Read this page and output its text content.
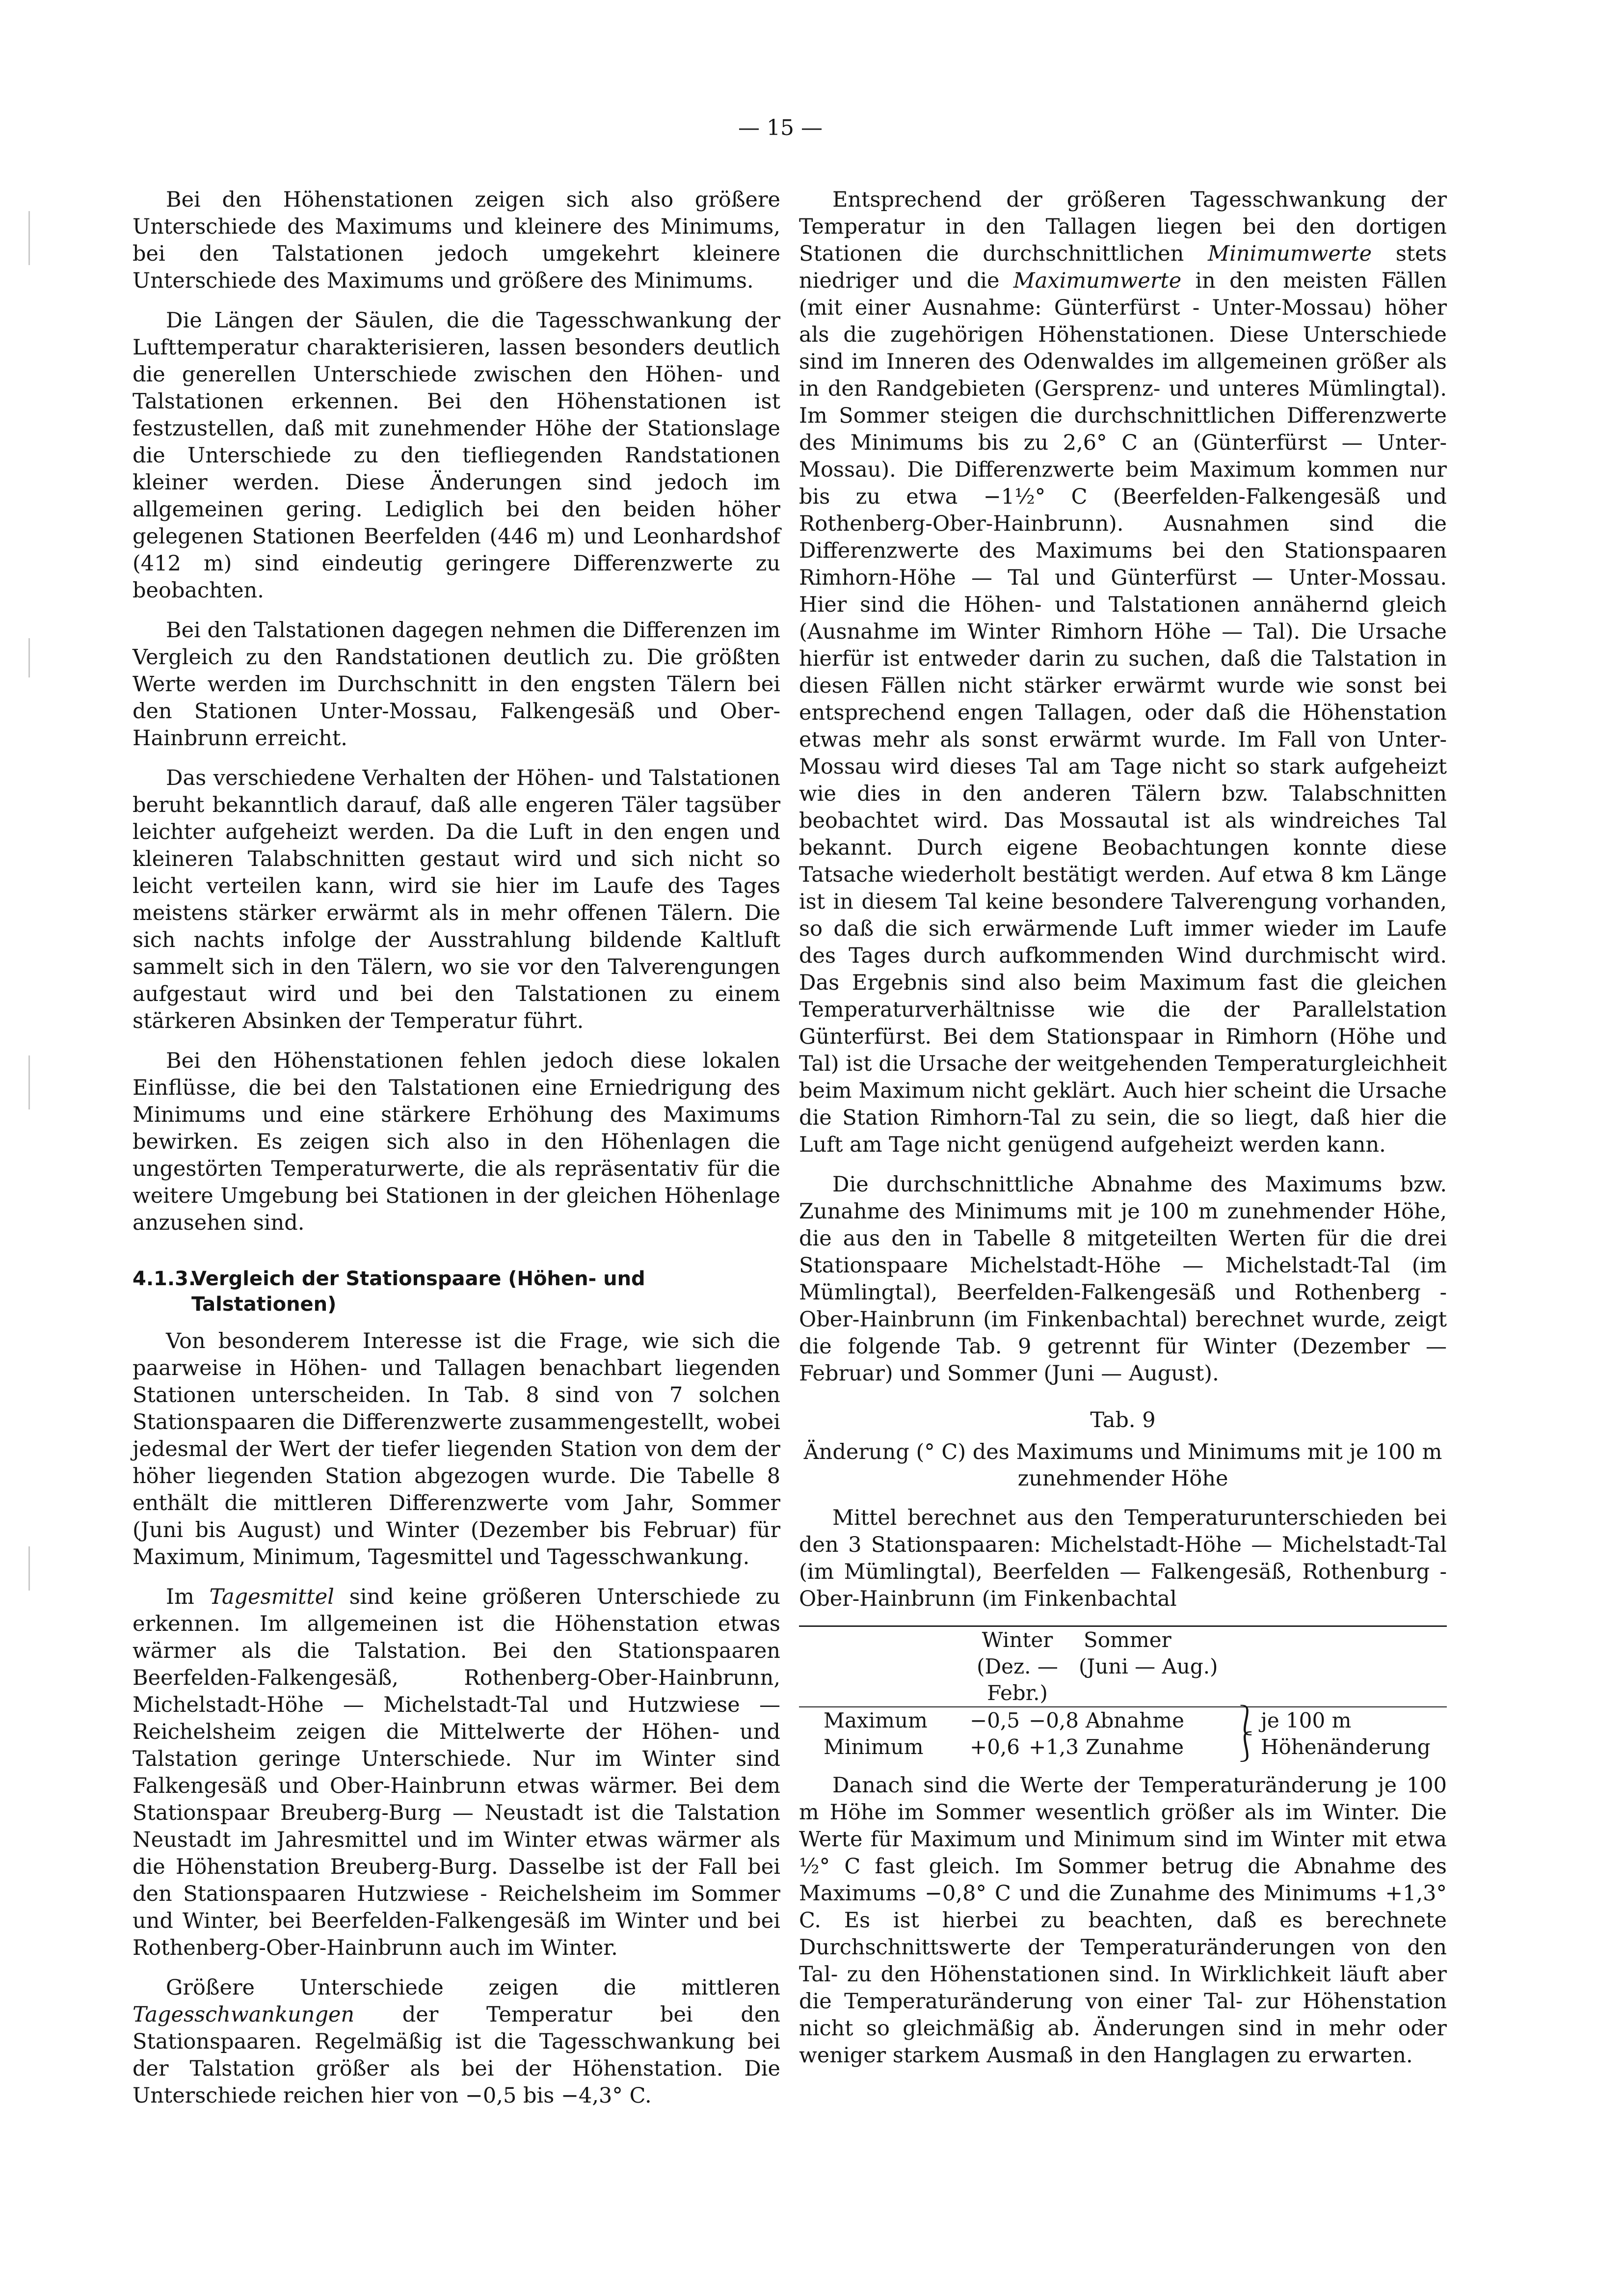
— 15 —

Bei den Höhenstationen zeigen sich also größere Unterschiede des Maximums und kleinere des Minimums, bei den Talstationen jedoch umgekehrt kleinere Unterschiede des Maximums und größere des Minimums.

Die Längen der Säulen, die die Tagesschwankung der Lufttemperatur charakterisieren, lassen besonders deutlich die generellen Unterschiede zwischen den Höhen- und Talstationen erkennen. Bei den Höhenstationen ist festzustellen, daß mit zunehmender Höhe der Stationslage die Unterschiede zu den tiefliegenden Randstationen kleiner werden. Diese Änderungen sind jedoch im allgemeinen gering. Lediglich bei den beiden höher gelegenen Stationen Beerfelden (446 m) und Leonhardshof (412 m) sind eindeutig geringere Differenzwerte zu beobachten.

Bei den Talstationen dagegen nehmen die Differenzen im Vergleich zu den Randstationen deutlich zu. Die größten Werte werden im Durchschnitt in den engsten Tälern bei den Stationen Unter-Mossau, Falkengesäß und Ober-Hainbrunn erreicht.

Das verschiedene Verhalten der Höhen- und Talstationen beruht bekanntlich darauf, daß alle engeren Täler tagsüber leichter aufgeheizt werden. Da die Luft in den engen und kleineren Talabschnitten gestaut wird und sich nicht so leicht verteilen kann, wird sie hier im Laufe des Tages meistens stärker erwärmt als in mehr offenen Tälern. Die sich nachts infolge der Ausstrahlung bildende Kaltluft sammelt sich in den Tälern, wo sie vor den Talverengungen aufgestaut wird und bei den Talstationen zu einem stärkeren Absinken der Temperatur führt.

Bei den Höhenstationen fehlen jedoch diese lokalen Einflüsse, die bei den Talstationen eine Erniedrigung des Minimums und eine stärkere Erhöhung des Maximums bewirken. Es zeigen sich also in den Höhenlagen die ungestörten Temperaturwerte, die als repräsentativ für die weitere Umgebung bei Stationen in der gleichen Höhenlage anzusehen sind.

4.1.3.Vergleich der Stationspaare (Höhen- und
Talstationen)

Von besonderem Interesse ist die Frage, wie sich die paarweise in Höhen- und Tallagen benachbart liegenden Stationen unterscheiden. In Tab. 8 sind von 7 solchen Stationspaaren die Differenzwerte zusammengestellt, wobei jedesmal der Wert der tiefer liegenden Station von dem der höher liegenden Station abgezogen wurde. Die Tabelle 8 enthält die mittleren Differenzwerte vom Jahr, Sommer (Juni bis August) und Winter (Dezember bis Februar) für Maximum, Minimum, Tagesmittel und Tagesschwankung.

Im Tagesmittel sind keine größeren Unterschiede zu erkennen. Im allgemeinen ist die Höhenstation etwas wärmer als die Talstation. Bei den Stationspaaren Beerfelden-Falkengesäß, Rothenberg-Ober-Hainbrunn, Michelstadt-Höhe — Michelstadt-Tal und Hutzwiese — Reichelsheim zeigen die Mittelwerte der Höhen- und Talstation geringe Unterschiede. Nur im Winter sind Falkengesäß und Ober-Hainbrunn etwas wärmer. Bei dem Stationspaar Breuberg-Burg — Neustadt ist die Talstation Neustadt im Jahresmittel und im Winter etwas wärmer als die Höhenstation Breuberg-Burg. Dasselbe ist der Fall bei den Stationspaaren Hutzwiese - Reichelsheim im Sommer und Winter, bei Beerfelden-Falkengesäß im Winter und bei Rothenberg-Ober-Hainbrunn auch im Winter.

Größere Unterschiede zeigen die mittleren Tagesschwankungen der Temperatur bei den Stationspaaren. Regelmäßig ist die Tagesschwankung bei der Talstation größer als bei der Höhenstation. Die Unterschiede reichen hier von −0,5 bis −4,3° C.

Entsprechend der größeren Tagesschwankung der Temperatur in den Tallagen liegen bei den dortigen Stationen die durchschnittlichen Minimumwerte stets niedriger und die Maximumwerte in den meisten Fällen (mit einer Ausnahme: Günterfürst - Unter-Mossau) höher als die zugehörigen Höhenstationen. Diese Unterschiede sind im Inneren des Odenwaldes im allgemeinen größer als in den Randgebieten (Gersprenz- und unteres Mümlingtal). Im Sommer steigen die durchschnittlichen Differenzwerte des Minimums bis zu 2,6° C an (Günterfürst — Unter-Mossau). Die Differenzwerte beim Maximum kommen nur bis zu etwa −1½° C (Beerfelden-Falkengesäß und Rothenberg-Ober-Hainbrunn). Ausnahmen sind die Differenzwerte des Maximums bei den Stationspaaren Rimhorn-Höhe — Tal und Günterfürst — Unter-Mossau. Hier sind die Höhen- und Talstationen annähernd gleich (Ausnahme im Winter Rimhorn Höhe — Tal). Die Ursache hierfür ist entweder darin zu suchen, daß die Talstation in diesen Fällen nicht stärker erwärmt wurde wie sonst bei entsprechend engen Tallagen, oder daß die Höhenstation etwas mehr als sonst erwärmt wurde. Im Fall von Unter-Mossau wird dieses Tal am Tage nicht so stark aufgeheizt wie dies in den anderen Tälern bzw. Talabschnitten beobachtet wird. Das Mossautal ist als windreiches Tal bekannt. Durch eigene Beobachtungen konnte diese Tatsache wiederholt bestätigt werden. Auf etwa 8 km Länge ist in diesem Tal keine besondere Talverengung vorhanden, so daß die sich erwärmende Luft immer wieder im Laufe des Tages durch aufkommenden Wind durchmischt wird. Das Ergebnis sind also beim Maximum fast die gleichen Temperaturverhältnisse wie die der Parallelstation Günterfürst. Bei dem Stationspaar in Rimhorn (Höhe und Tal) ist die Ursache der weitgehenden Temperaturgleichheit beim Maximum nicht geklärt. Auch hier scheint die Ursache die Station Rimhorn-Tal zu sein, die so liegt, daß hier die Luft am Tage nicht genügend aufgeheizt werden kann.

Die durchschnittliche Abnahme des Maximums bzw. Zunahme des Minimums mit je 100 m zunehmender Höhe, die aus den in Tabelle 8 mitgeteilten Werten für die drei Stationspaare Michelstadt-Höhe — Michelstadt-Tal (im Mümlingtal), Beerfelden-Falkengesäß und Rothenberg - Ober-Hainbrunn (im Finkenbachtal) berechnet wurde, zeigt die folgende Tab. 9 getrennt für Winter (Dezember — Februar) und Sommer (Juni — August).

Tab. 9
Änderung (° C) des Maximums und Minimums mit je 100 m zunehmender Höhe

Mittel berechnet aus den Temperaturunterschieden bei den 3 Stationspaaren: Michelstadt-Höhe — Michelstadt-Tal (im Mümlingtal), Beerfelden — Falkengesäß, Rothenburg - Ober-Hainbrunn (im Finkenbachtal

	Winter		Sommer		
	(Dez. — Febr.)		(Juni — Aug.)		

Maximum	−0,5	−0,8	Abnahme	⎱	je 100 m
Minimum	+0,6	+1,3	Zunahme	⎰	Höhenänderung

Danach sind die Werte der Temperaturänderung je 100 m Höhe im Sommer wesentlich größer als im Winter. Die Werte für Maximum und Minimum sind im Winter mit etwa ½° C fast gleich. Im Sommer betrug die Abnahme des Maximums −0,8° C und die Zunahme des Minimums +1,3° C. Es ist hierbei zu beachten, daß es berechnete Durchschnittswerte der Temperaturänderungen von den Tal- zu den Höhenstationen sind. In Wirklichkeit läuft aber die Temperaturänderung von einer Tal- zur Höhenstation nicht so gleichmäßig ab. Änderungen sind in mehr oder weniger starkem Ausmaß in den Hanglagen zu erwarten.
